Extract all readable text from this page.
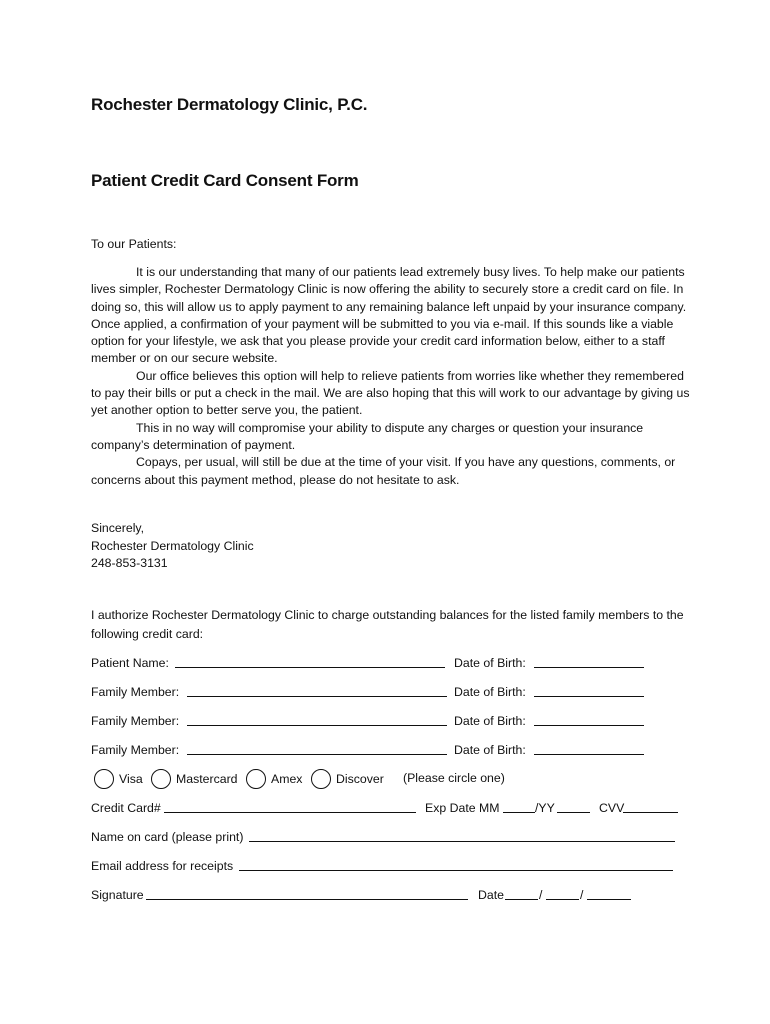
Rochester Dermatology Clinic, P.C.
Patient Credit Card Consent Form
To our Patients:

It is our understanding that many of our patients lead extremely busy lives. To help make our patients lives simpler, Rochester Dermatology Clinic is now offering the ability to securely store a credit card on file. In doing so, this will allow us to apply payment to any remaining balance left unpaid by your insurance company. Once applied, a confirmation of your payment will be submitted to you via e-mail. If this sounds like a viable option for your lifestyle, we ask that you please provide your credit card information below, either to a staff member or on our secure website.

Our office believes this option will help to relieve patients from worries like whether they remembered to pay their bills or put a check in the mail. We are also hoping that this will work to our advantage by giving us yet another option to better serve you, the patient.

This in no way will compromise your ability to dispute any charges or question your insurance company’s determination of payment.

Copays, per usual, will still be due at the time of your visit. If you have any questions, comments, or concerns about this payment method, please do not hesitate to ask.

Sincerely,
Rochester Dermatology Clinic
248-853-3131
I authorize Rochester Dermatology Clinic to charge outstanding balances for the listed family members to the following credit card:
Patient Name:	Date of Birth:
Family Member:	Date of Birth:
Family Member:	Date of Birth:
Family Member:	Date of Birth:
Visa	Mastercard	Amex	Discover (Please circle one)
Credit Card#	Exp Date MM	/YY	CVV
Name on card (please print)
Email address for receipts
Signature	Date	/	/
